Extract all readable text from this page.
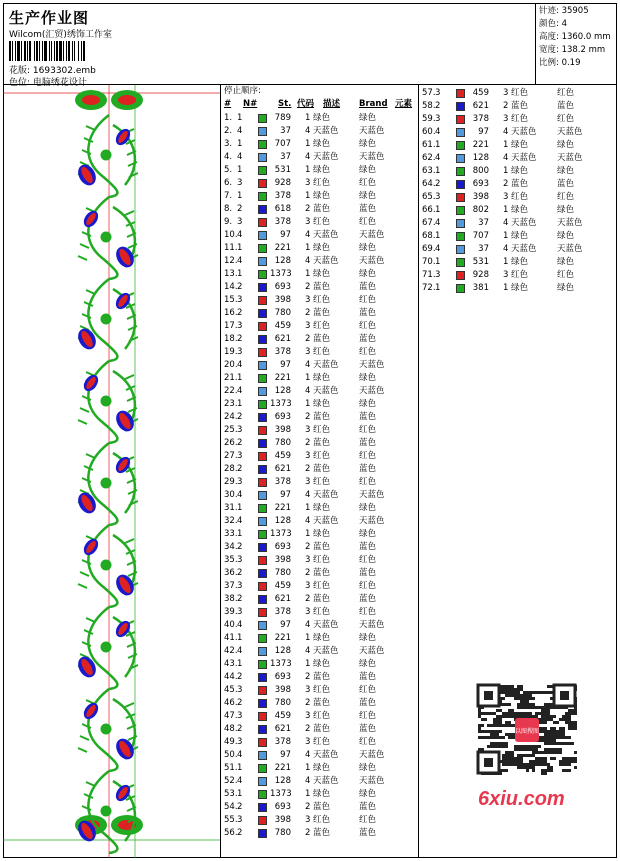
生产作业图
Wilcom(汇贸)绣饰工作室
花版: 1693302.emb
色位: 电脑绣花设计
针迹: 35905
颜色: 4
高度: 1360.0 mm
宽度: 138.2 mm
比例: 0.19
停止顺序:
# N# St. 代码 描述 Brand 元素
1. 1	789 1 绿色	绿色
2. 4	37 4 天蓝色 天蓝色
3. 1	707 1 绿色	绿色
4. 4	37 4 天蓝色 天蓝色
5. 1	531 1 绿色	绿色
6. 3	928 3 红色	红色
7. 1	378 1 绿色	绿色
8. 2	618 2 蓝色	蓝色
9. 3	378 3 红色	红色
10. 4	97 4 天蓝色 天蓝色
11. 1	221 1 绿色	绿色
12. 4	128 4 天蓝色 天蓝色
13. 1	1373 1 绿色	绿色
14. 2	693 2 蓝色	蓝色
15. 3	398 3 红色	红色
16. 2	780 2 蓝色	蓝色
17. 3	459 3 红色	红色
18. 2	621 2 蓝色	蓝色
19. 3	378 3 红色	红色
20. 4	97 4 天蓝色 天蓝色
21. 1	221 1 绿色	绿色
22. 4	128 4 天蓝色 天蓝色
23. 1	1373 1 绿色	绿色
24. 2	693 2 蓝色	蓝色
25. 3	398 3 红色	红色
26. 2	780 2 蓝色	蓝色
27. 3	459 3 红色	红色
28. 2	621 2 蓝色	蓝色
29. 3	378 3 红色	红色
30. 4	97 4 天蓝色 天蓝色
31. 1	221 1 绿色	绿色
32. 4	128 4 天蓝色 天蓝色
33. 1	1373 1 绿色	绿色
34. 2	693 2 蓝色	蓝色
35. 3	398 3 红色	红色
36. 2	780 2 蓝色	蓝色
37. 3	459 3 红色	红色
38. 2	621 2 蓝色	蓝色
39. 3	378 3 红色	红色
40. 4	97 4 天蓝色 天蓝色
41. 1	221 1 绿色	绿色
42. 4	128 4 天蓝色 天蓝色
43. 1	1373 1 绿色	绿色
44. 2	693 2 蓝色	蓝色
45. 3	398 3 红色	红色
46. 2	780 2 蓝色	蓝色
47. 3	459 3 红色	红色
48. 2	621 2 蓝色	蓝色
49. 3	378 3 红色	红色
50. 4	97 4 天蓝色 天蓝色
51. 1	221 1 绿色	绿色
52. 4	128 4 天蓝色 天蓝色
53. 1	1373 1 绿色	绿色
54. 2	693 2 蓝色	蓝色
55. 3	398 3 红色	红色
56. 2	780 2 蓝色	蓝色
57. 3	459 3 红色	红色
58. 2	621 2 蓝色	蓝色
59. 3	378 3 红色	红色
60. 4	97 4 天蓝色 天蓝色
61. 1	221 1 绿色	绿色
62. 4	128 4 天蓝色 天蓝色
63. 1	800 1 绿色	绿色
64. 2	693 2 蓝色	蓝色
65. 3	398 3 红色	红色
66. 1	802 1 绿色	绿色
67. 4	37 4 天蓝色 天蓝色
68. 1	707 1 绿色	绿色
69. 4	37 4 天蓝色 天蓝色
70. 1	531 1 绿色	绿色
71. 3	928 3 红色	红色
72. 1	381 1 绿色	绿色
以图搜图
6xiu.com
